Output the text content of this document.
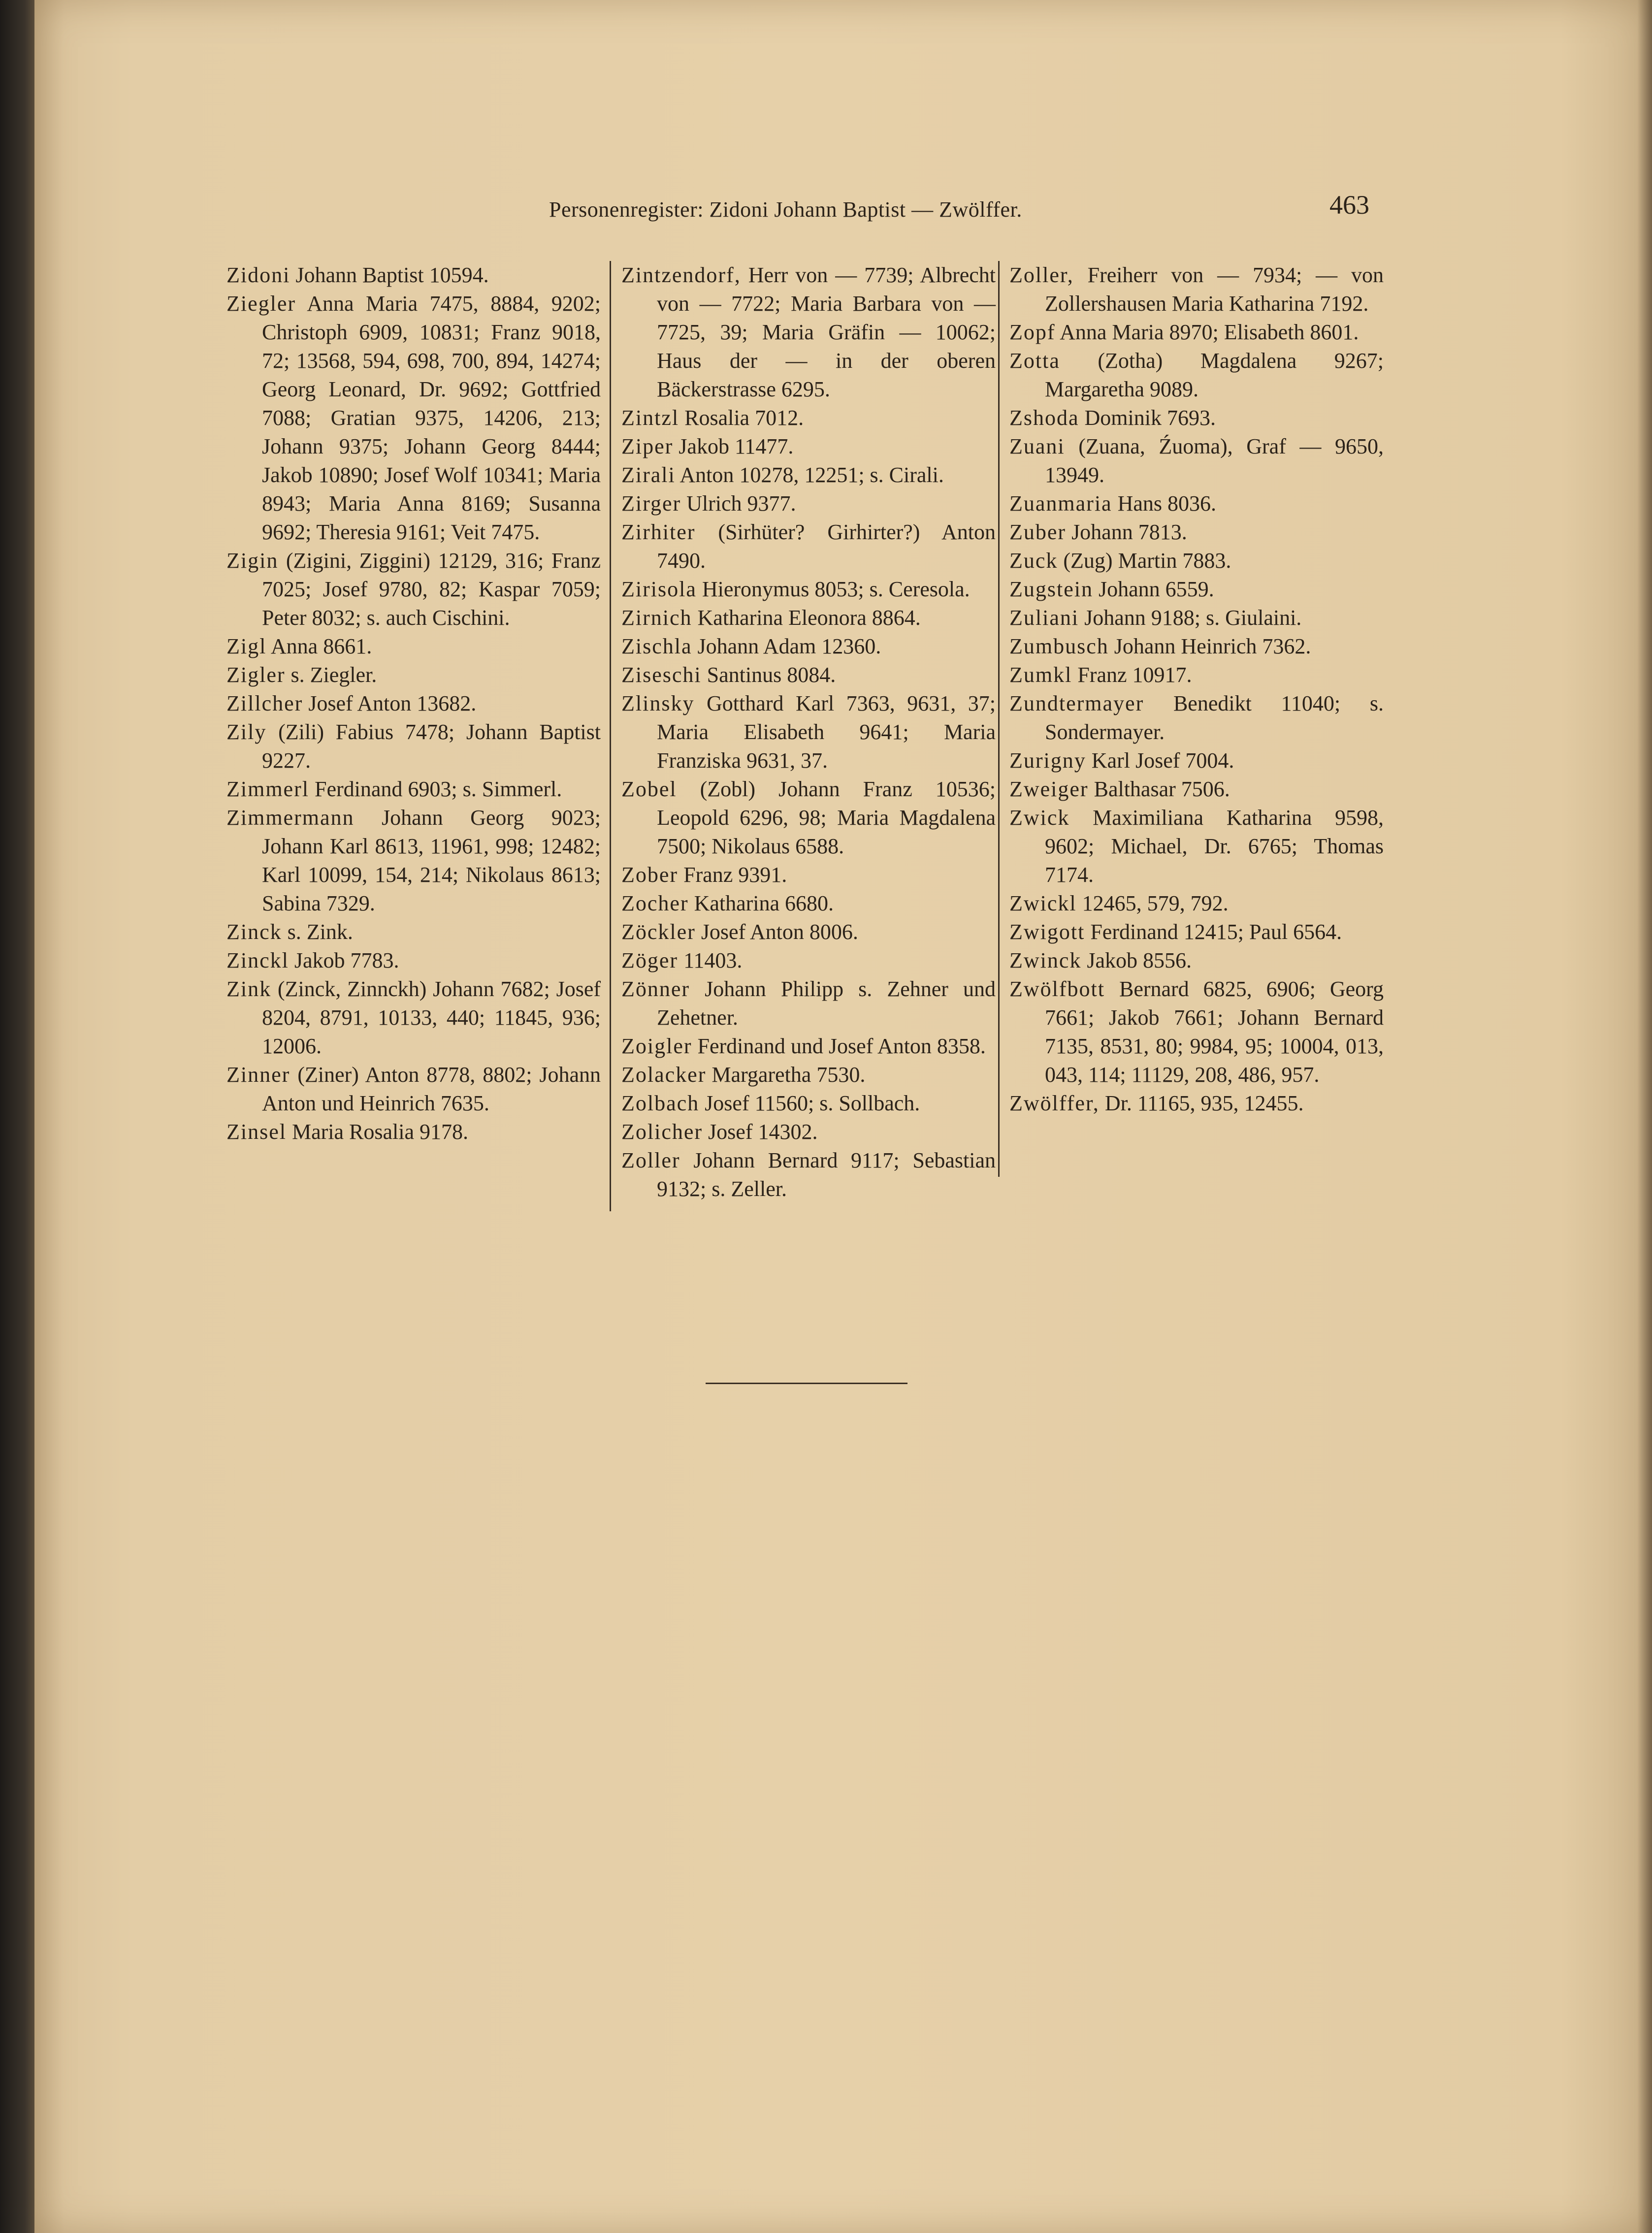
Personenregister: Zidoni Johann Baptist — Zwölffer.	463

Zidoni Johann Baptist 10594.

Ziegler Anna Maria 7475, 8884, 9202; Christoph 6909, 10831; Franz 9018, 72; 13568, 594, 698, 700, 894, 14274; Georg Leonard, Dr. 9692; Gottfried 7088; Gratian 9375, 14206, 213; Johann 9375; Johann Georg 8444; Jakob 10890; Josef Wolf 10341; Maria 8943; Maria Anna 8169; Susanna 9692; Theresia 9161; Veit 7475.

Zigin (Zigini, Ziggini) 12129, 316; Franz 7025; Josef 9780, 82; Kaspar 7059; Peter 8032; s. auch Cischini.

Zigl Anna 8661.

Zigler s. Ziegler.

Zillcher Josef Anton 13682.

Zily (Zili) Fabius 7478; Johann Baptist 9227.

Zimmerl Ferdinand 6903; s. Simmerl.

Zimmermann Johann Georg 9023; Johann Karl 8613, 11961, 998; 12482; Karl 10099, 154, 214; Nikolaus 8613; Sabina 7329.

Zinck s. Zink.

Zinckl Jakob 7783.

Zink (Zinck, Zinnckh) Johann 7682; Josef 8204, 8791, 10133, 440; 11845, 936; 12006.

Zinner (Ziner) Anton 8778, 8802; Johann Anton und Heinrich 7635.

Zinsel Maria Rosalia 9178.

Zintzendorf, Herr von — 7739; Albrecht von — 7722; Maria Barbara von — 7725, 39; Maria Gräfin — 10062; Haus der — in der oberen Bäckerstrasse 6295.

Zintzl Rosalia 7012.

Ziper Jakob 11477.

Zirali Anton 10278, 12251; s. Cirali.

Zirger Ulrich 9377.

Zirhiter (Sirhüter? Girhirter?) Anton 7490.

Zirisola Hieronymus 8053; s. Ceresola.

Zirnich Katharina Eleonora 8864.

Zischla Johann Adam 12360.

Ziseschi Santinus 8084.

Zlinsky Gotthard Karl 7363, 9631, 37; Maria Elisabeth 9641; Maria Franziska 9631, 37.

Zobel (Zobl) Johann Franz 10536; Leopold 6296, 98; Maria Magdalena 7500; Nikolaus 6588.

Zober Franz 9391.

Zocher Katharina 6680.

Zöckler Josef Anton 8006.

Zöger 11403.

Zönner Johann Philipp s. Zehner und Zehetner.

Zoigler Ferdinand und Josef Anton 8358.

Zolacker Margaretha 7530.

Zolbach Josef 11560; s. Sollbach.

Zolicher Josef 14302.

Zoller Johann Bernard 9117; Sebastian 9132; s. Zeller.

Zoller, Freiherr von — 7934; — von Zollershausen Maria Katharina 7192.

Zopf Anna Maria 8970; Elisabeth 8601.

Zotta (Zotha) Magdalena 9267; Margaretha 9089.

Zshoda Dominik 7693.

Zuani (Zuana, Źuoma), Graf — 9650, 13949.

Zuanmaria Hans 8036.

Zuber Johann 7813.

Zuck (Zug) Martin 7883.

Zugstein Johann 6559.

Zuliani Johann 9188; s. Giulaini.

Zumbusch Johann Heinrich 7362.

Zumkl Franz 10917.

Zundtermayer Benedikt 11040; s. Sondermayer.

Zurigny Karl Josef 7004.

Zweiger Balthasar 7506.

Zwick Maximiliana Katharina 9598, 9602; Michael, Dr. 6765; Thomas 7174.

Zwickl 12465, 579, 792.

Zwigott Ferdinand 12415; Paul 6564.

Zwinck Jakob 8556.

Zwölfbott Bernard 6825, 6906; Georg 7661; Jakob 7661; Johann Bernard 7135, 8531, 80; 9984, 95; 10004, 013, 043, 114; 11129, 208, 486, 957.

Zwölffer, Dr. 11165, 935, 12455.
